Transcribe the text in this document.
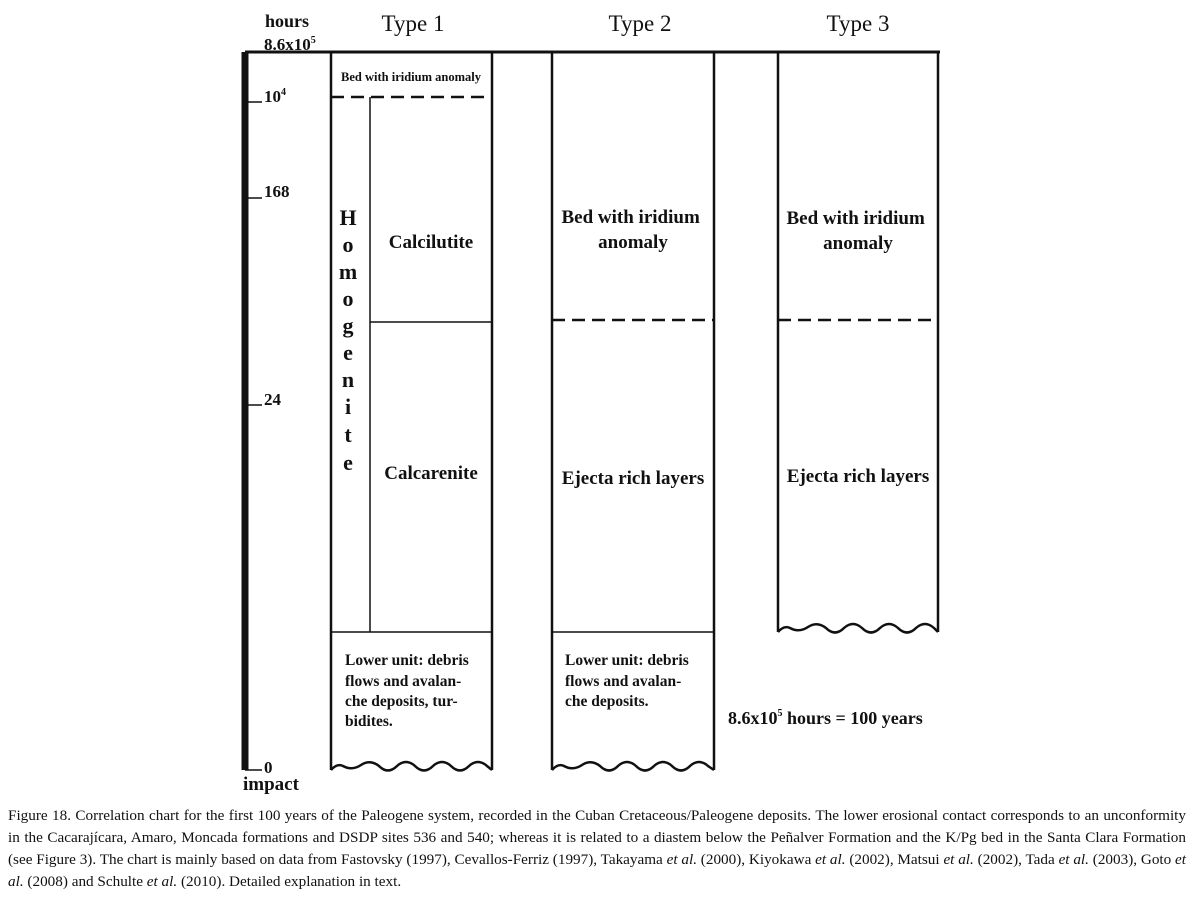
hours
$8.6x10^5$
$10^4$
168
24
0
impact
Type 1	Type 2	Type 3
Bed with iridium anomaly
H
o
m
o
g
e
n
i
t
e
Calcilutite
Calcarenite
Lower unit: debris flows and avalan- che deposits, tur- bidites.
Bed with iridium anomaly
Ejecta rich layers
Lower unit: debris flows and avalan- che deposits.
Bed with iridium anomaly
Ejecta rich layers
$8.6x10^5$ hours = 100 years
Figure 18. Correlation chart for the first 100 years of the Paleogene system, recorded in the Cuban Cretaceous/Paleogene deposits. The lower erosional contact corresponds to an unconformity in the Cacarajícara, Amaro, Moncada formations and DSDP sites 536 and 540; whereas it is related to a diastem below the Peñalver Formation and the K/Pg bed in the Santa Clara Formation (see Figure 3). The chart is mainly based on data from Fastovsky (1997), Cevallos-Ferriz (1997), Takayama et al. (2000), Kiyokawa et al. (2002), Matsui et al. (2002), Tada et al. (2003), Goto et al. (2008) and Schulte et al. (2010). Detailed explanation in text.
